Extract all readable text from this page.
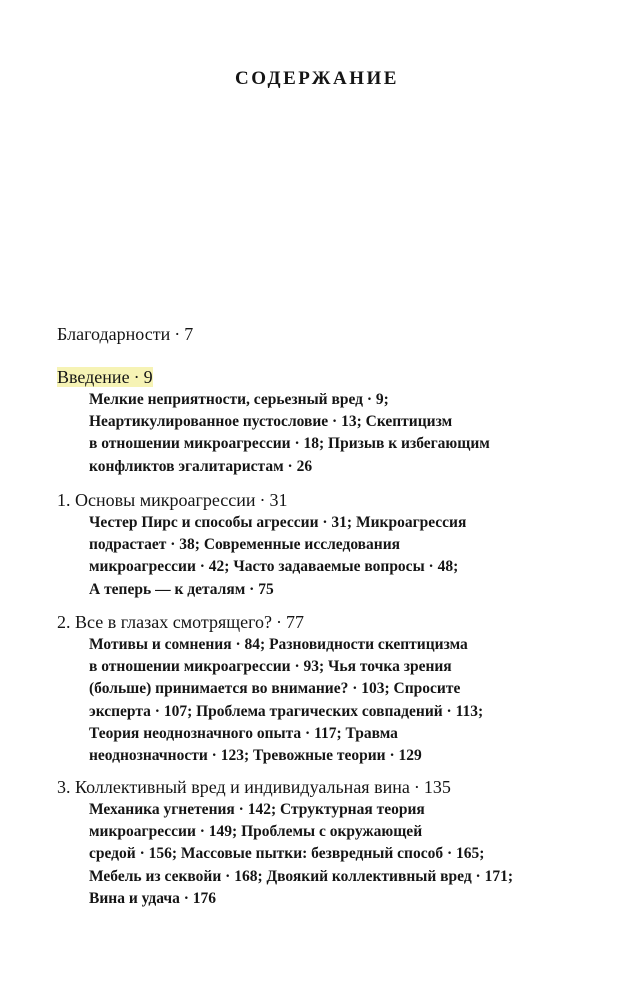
СОДЕРЖАНИЕ
Благодарности · 7
Введение · 9
Мелкие неприятности, серьезный вред · 9;
Неартикулированное пустословие · 13; Скептицизм
в отношении микроагрессии · 18; Призыв к избегающим
конфликтов эгалитаристам · 26
1. Основы микроагрессии · 31
Честер Пирс и способы агрессии · 31; Микроагрессия
подрастает · 38; Современные исследования
микроагрессии · 42; Часто задаваемые вопросы · 48;
А теперь — к деталям · 75
2. Все в глазах смотрящего? · 77
Мотивы и сомнения · 84; Разновидности скептицизма
в отношении микроагрессии · 93; Чья точка зрения
(больше) принимается во внимание? · 103; Спросите
эксперта · 107; Проблема трагических совпадений · 113;
Теория неоднозначного опыта · 117; Травма
неоднозначности · 123; Тревожные теории · 129
3. Коллективный вред и индивидуальная вина · 135
Механика угнетения · 142; Структурная теория
микроагрессии · 149; Проблемы с окружающей
средой · 156; Массовые пытки: безвредный способ · 165;
Мебель из секвойи · 168; Двоякий коллективный вред · 171;
Вина и удача · 176
